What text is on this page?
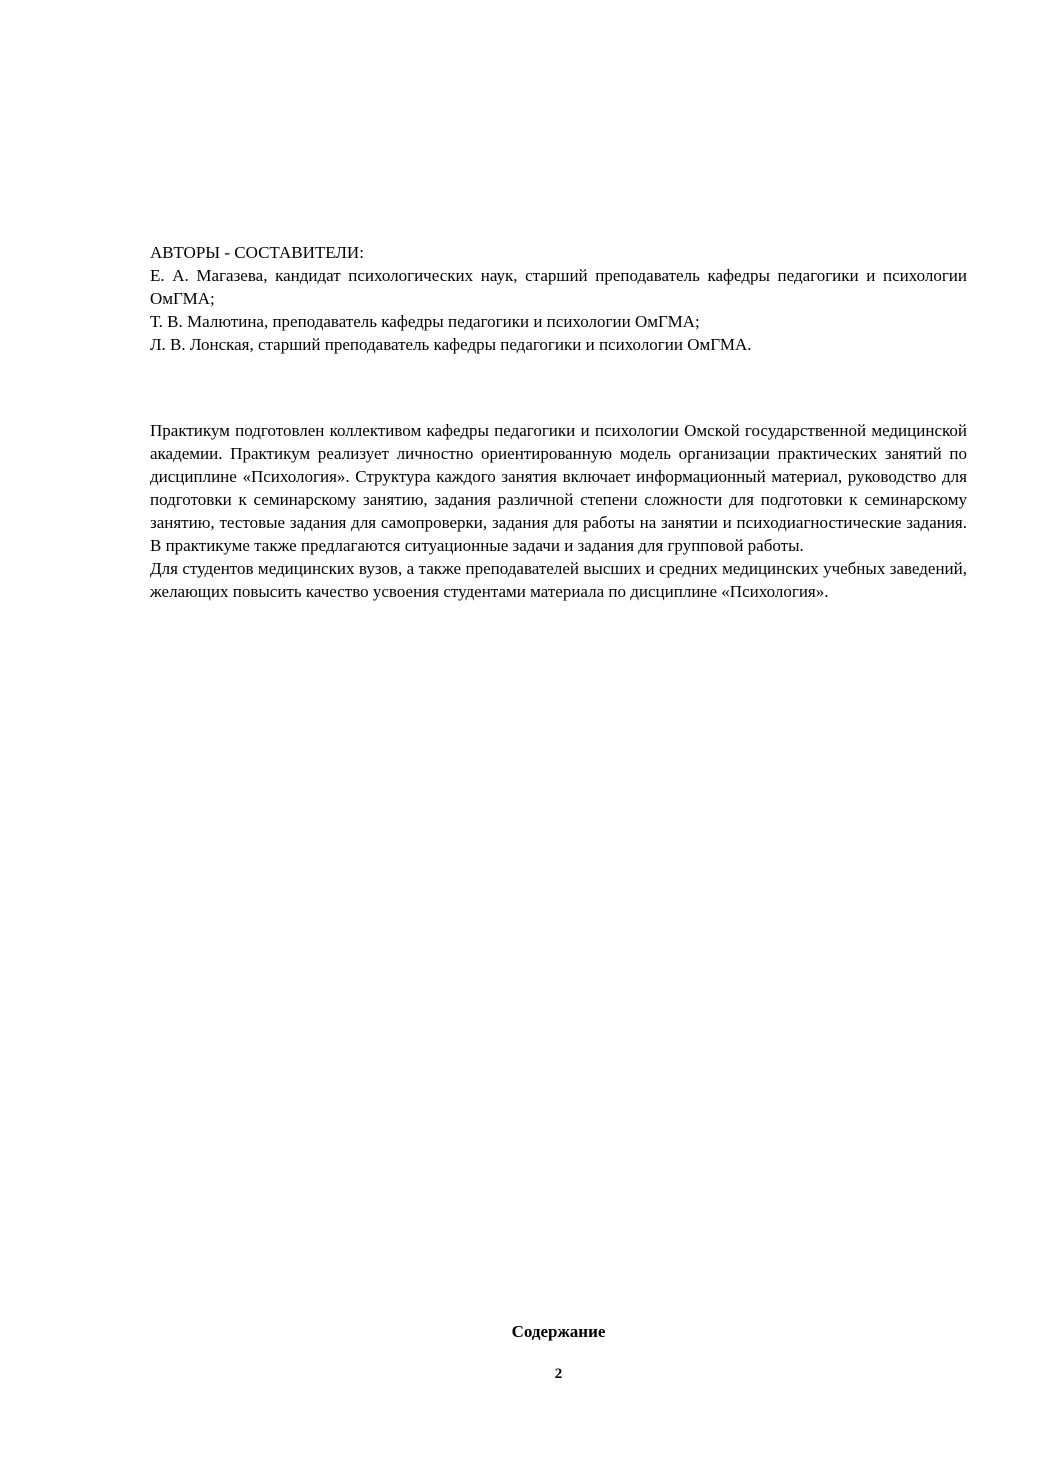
АВТОРЫ - СОСТАВИТЕЛИ:

Е. А. Магазева, кандидат психологических наук, старший преподаватель кафедры педагогики и психологии ОмГМА;

Т. В. Малютина, преподаватель кафедры педагогики и психологии ОмГМА;

Л. В. Лонская, старший преподаватель кафедры педагогики и психологии ОмГМА.

Практикум подготовлен коллективом кафедры педагогики и психологии Омской государственной медицинской академии. Практикум реализует личностно ориентированную модель организации практических занятий по дисциплине «Психология». Структура каждого занятия включает информационный материал, руководство для подготовки к семинарскому занятию, задания различной степени сложности для подготовки к семинарскому занятию, тестовые задания для самопроверки, задания для работы на занятии и психодиагностические задания. В практикуме также предлагаются ситуационные задачи и задания для групповой работы.

Для студентов медицинских вузов, а также преподавателей высших и средних медицинских учебных заведений, желающих повысить качество усвоения студентами материала по дисциплине «Психология».

Содержание
2
